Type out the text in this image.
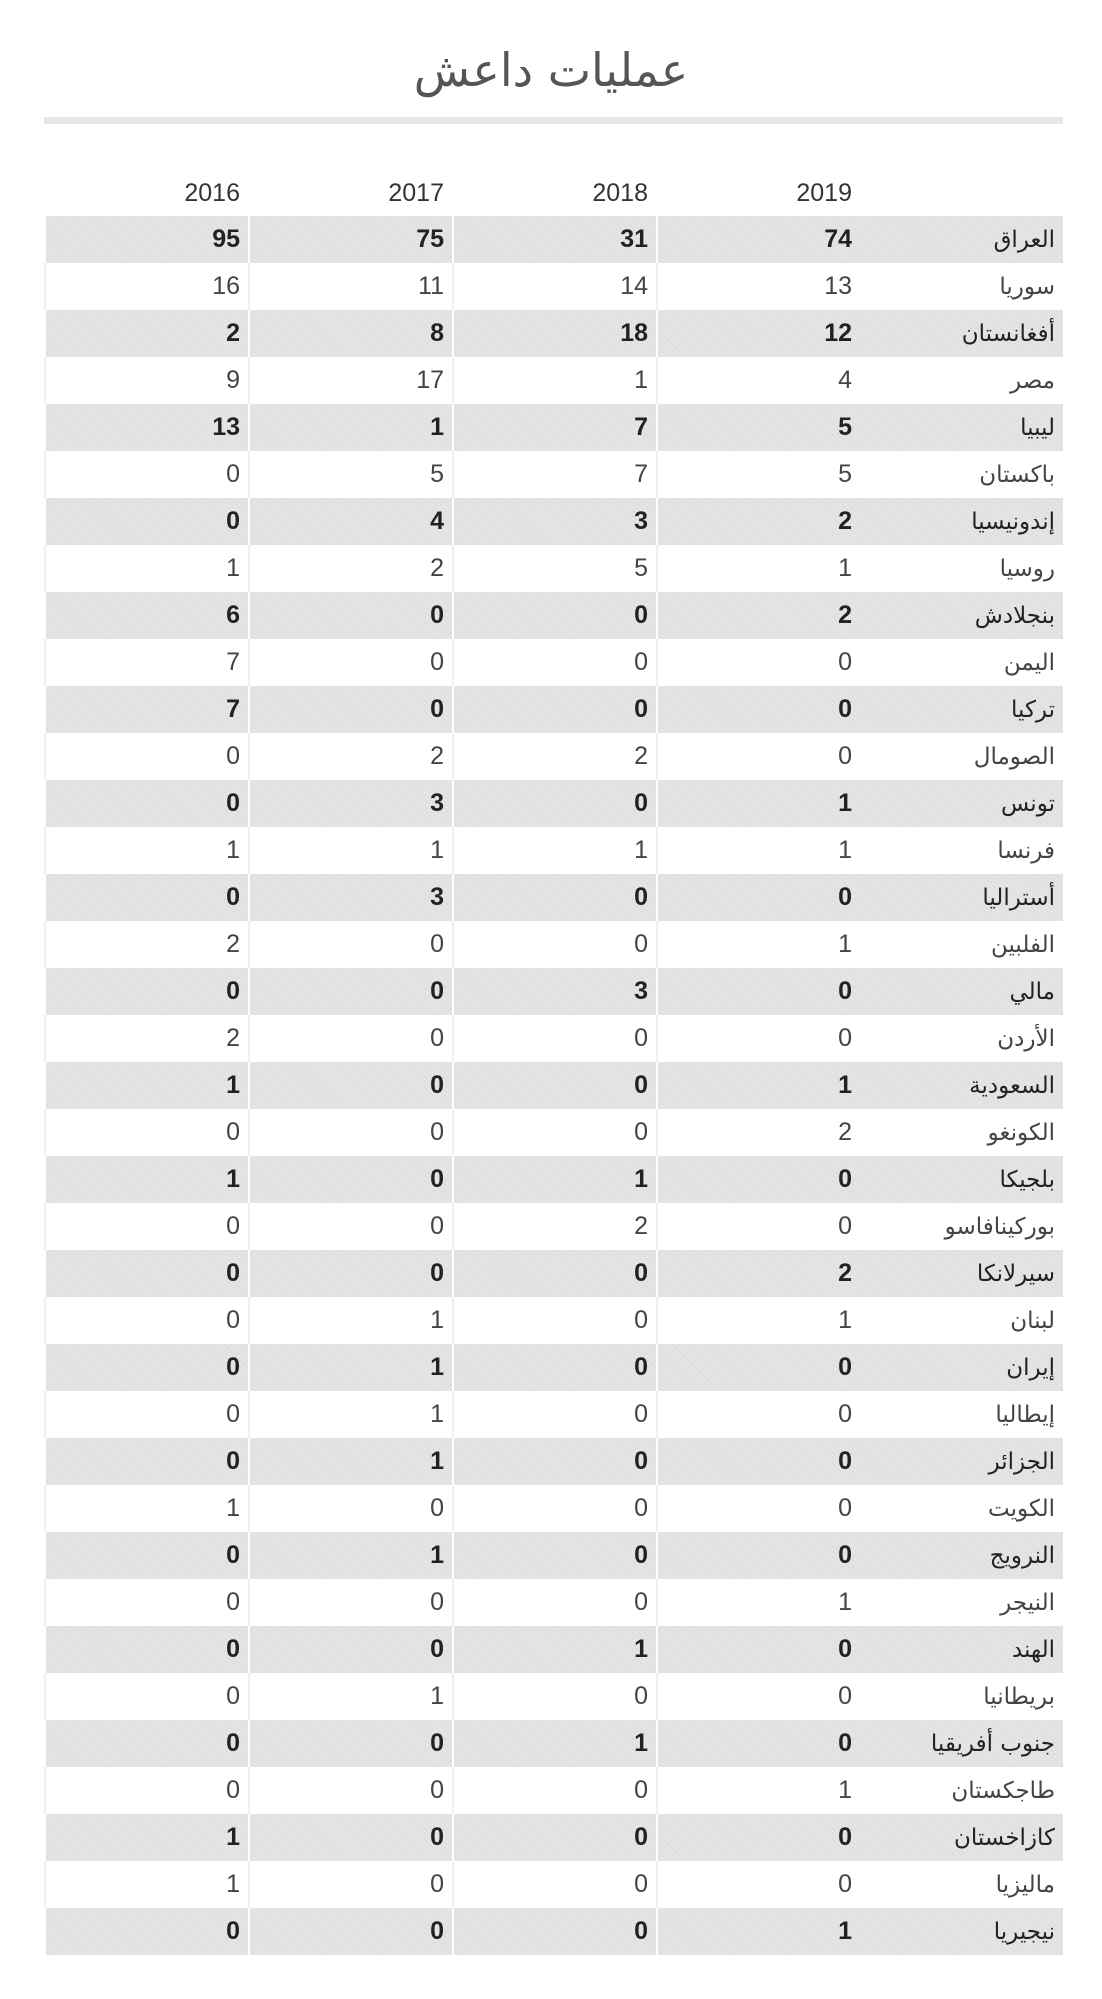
عمليات داعش
2019
2018
2017
2016
العراق
74
31
75
95
سوريا
13
14
11
16
أفغانستان
12
18
8
2
مصر
4
1
17
9
ليبيا
5
7
1
13
باكستان
5
7
5
0
إندونيسيا
2
3
4
0
روسيا
1
5
2
1
بنجلادش
2
0
0
6
اليمن
0
0
0
7
تركيا
0
0
0
7
الصومال
0
2
2
0
تونس
1
0
3
0
فرنسا
1
1
1
1
أستراليا
0
0
3
0
الفلبين
1
0
0
2
مالي
0
3
0
0
الأردن
0
0
0
2
السعودية
1
0
0
1
الكونغو
2
0
0
0
بلجيكا
0
1
0
1
بوركينافاسو
0
2
0
0
سيرلانكا
2
0
0
0
لبنان
1
0
1
0
إيران
0
0
1
0
إيطاليا
0
0
1
0
الجزائر
0
0
1
0
الكويت
0
0
0
1
النرويج
0
0
1
0
النيجر
1
0
0
0
الهند
0
1
0
0
بريطانيا
0
0
1
0
جنوب أفريقيا
0
1
0
0
طاجكستان
1
0
0
0
كازاخستان
0
0
0
1
ماليزيا
0
0
0
1
نيجيريا
1
0
0
0
